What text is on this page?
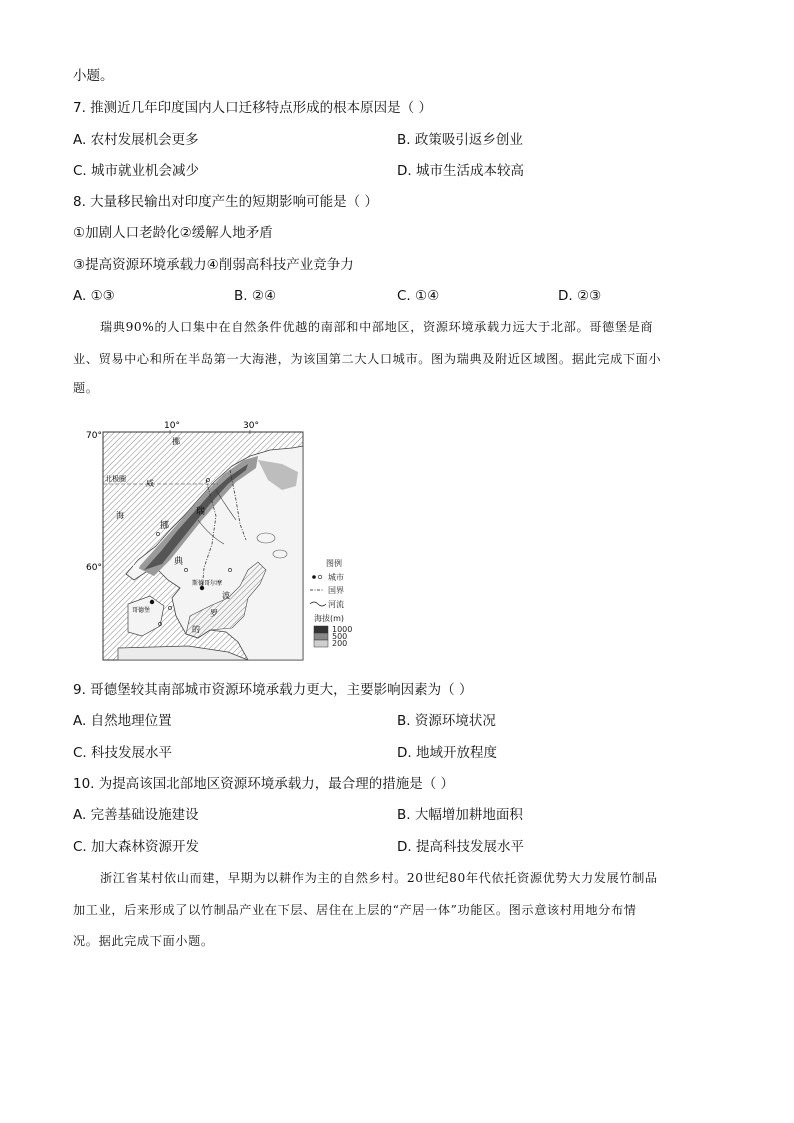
小题。
7. 推测近几年印度国内人口迁移特点形成的根本原因是（ ）
A. 农村发展机会更多	B. 政策吸引返乡创业
C. 城市就业机会减少	D. 城市生活成本较高
8. 大量移民输出对印度产生的短期影响可能是（ ）
①加剧人口老龄化②缓解人地矛盾
③提高资源环境承载力④削弱高科技产业竞争力
A. ①③	B. ②④	C. ①④	D. ②③
瑞典90%的人口集中在自然条件优越的南部和中部地区，资源环境承载力远大于北部。哥德堡是商
业、贸易中心和所在半岛第一大海港，为该国第二大人口城市。图为瑞典及附近区域图。据此完成下面小
题。
10°	30°
70°
60°
北极圈
挪
威
海	瑞
挪
典
威
波
罗
的
斯德哥尔摩
哥德堡
图例
城市
国界
河流
海拔(m)
1000
500
200
9. 哥德堡较其南部城市资源环境承载力更大，主要影响因素为（ ）
A. 自然地理位置	B. 资源环境状况
C. 科技发展水平	D. 地域开放程度
10. 为提高该国北部地区资源环境承载力，最合理的措施是（ ）
A. 完善基础设施建设	B. 大幅增加耕地面积
C. 加大森林资源开发	D. 提高科技发展水平
浙江省某村依山而建，早期为以耕作为主的自然乡村。20世纪80年代依托资源优势大力发展竹制品
加工业，后来形成了以竹制品产业在下层、居住在上层的“产居一体”功能区。图示意该村用地分布情
况。据此完成下面小题。
